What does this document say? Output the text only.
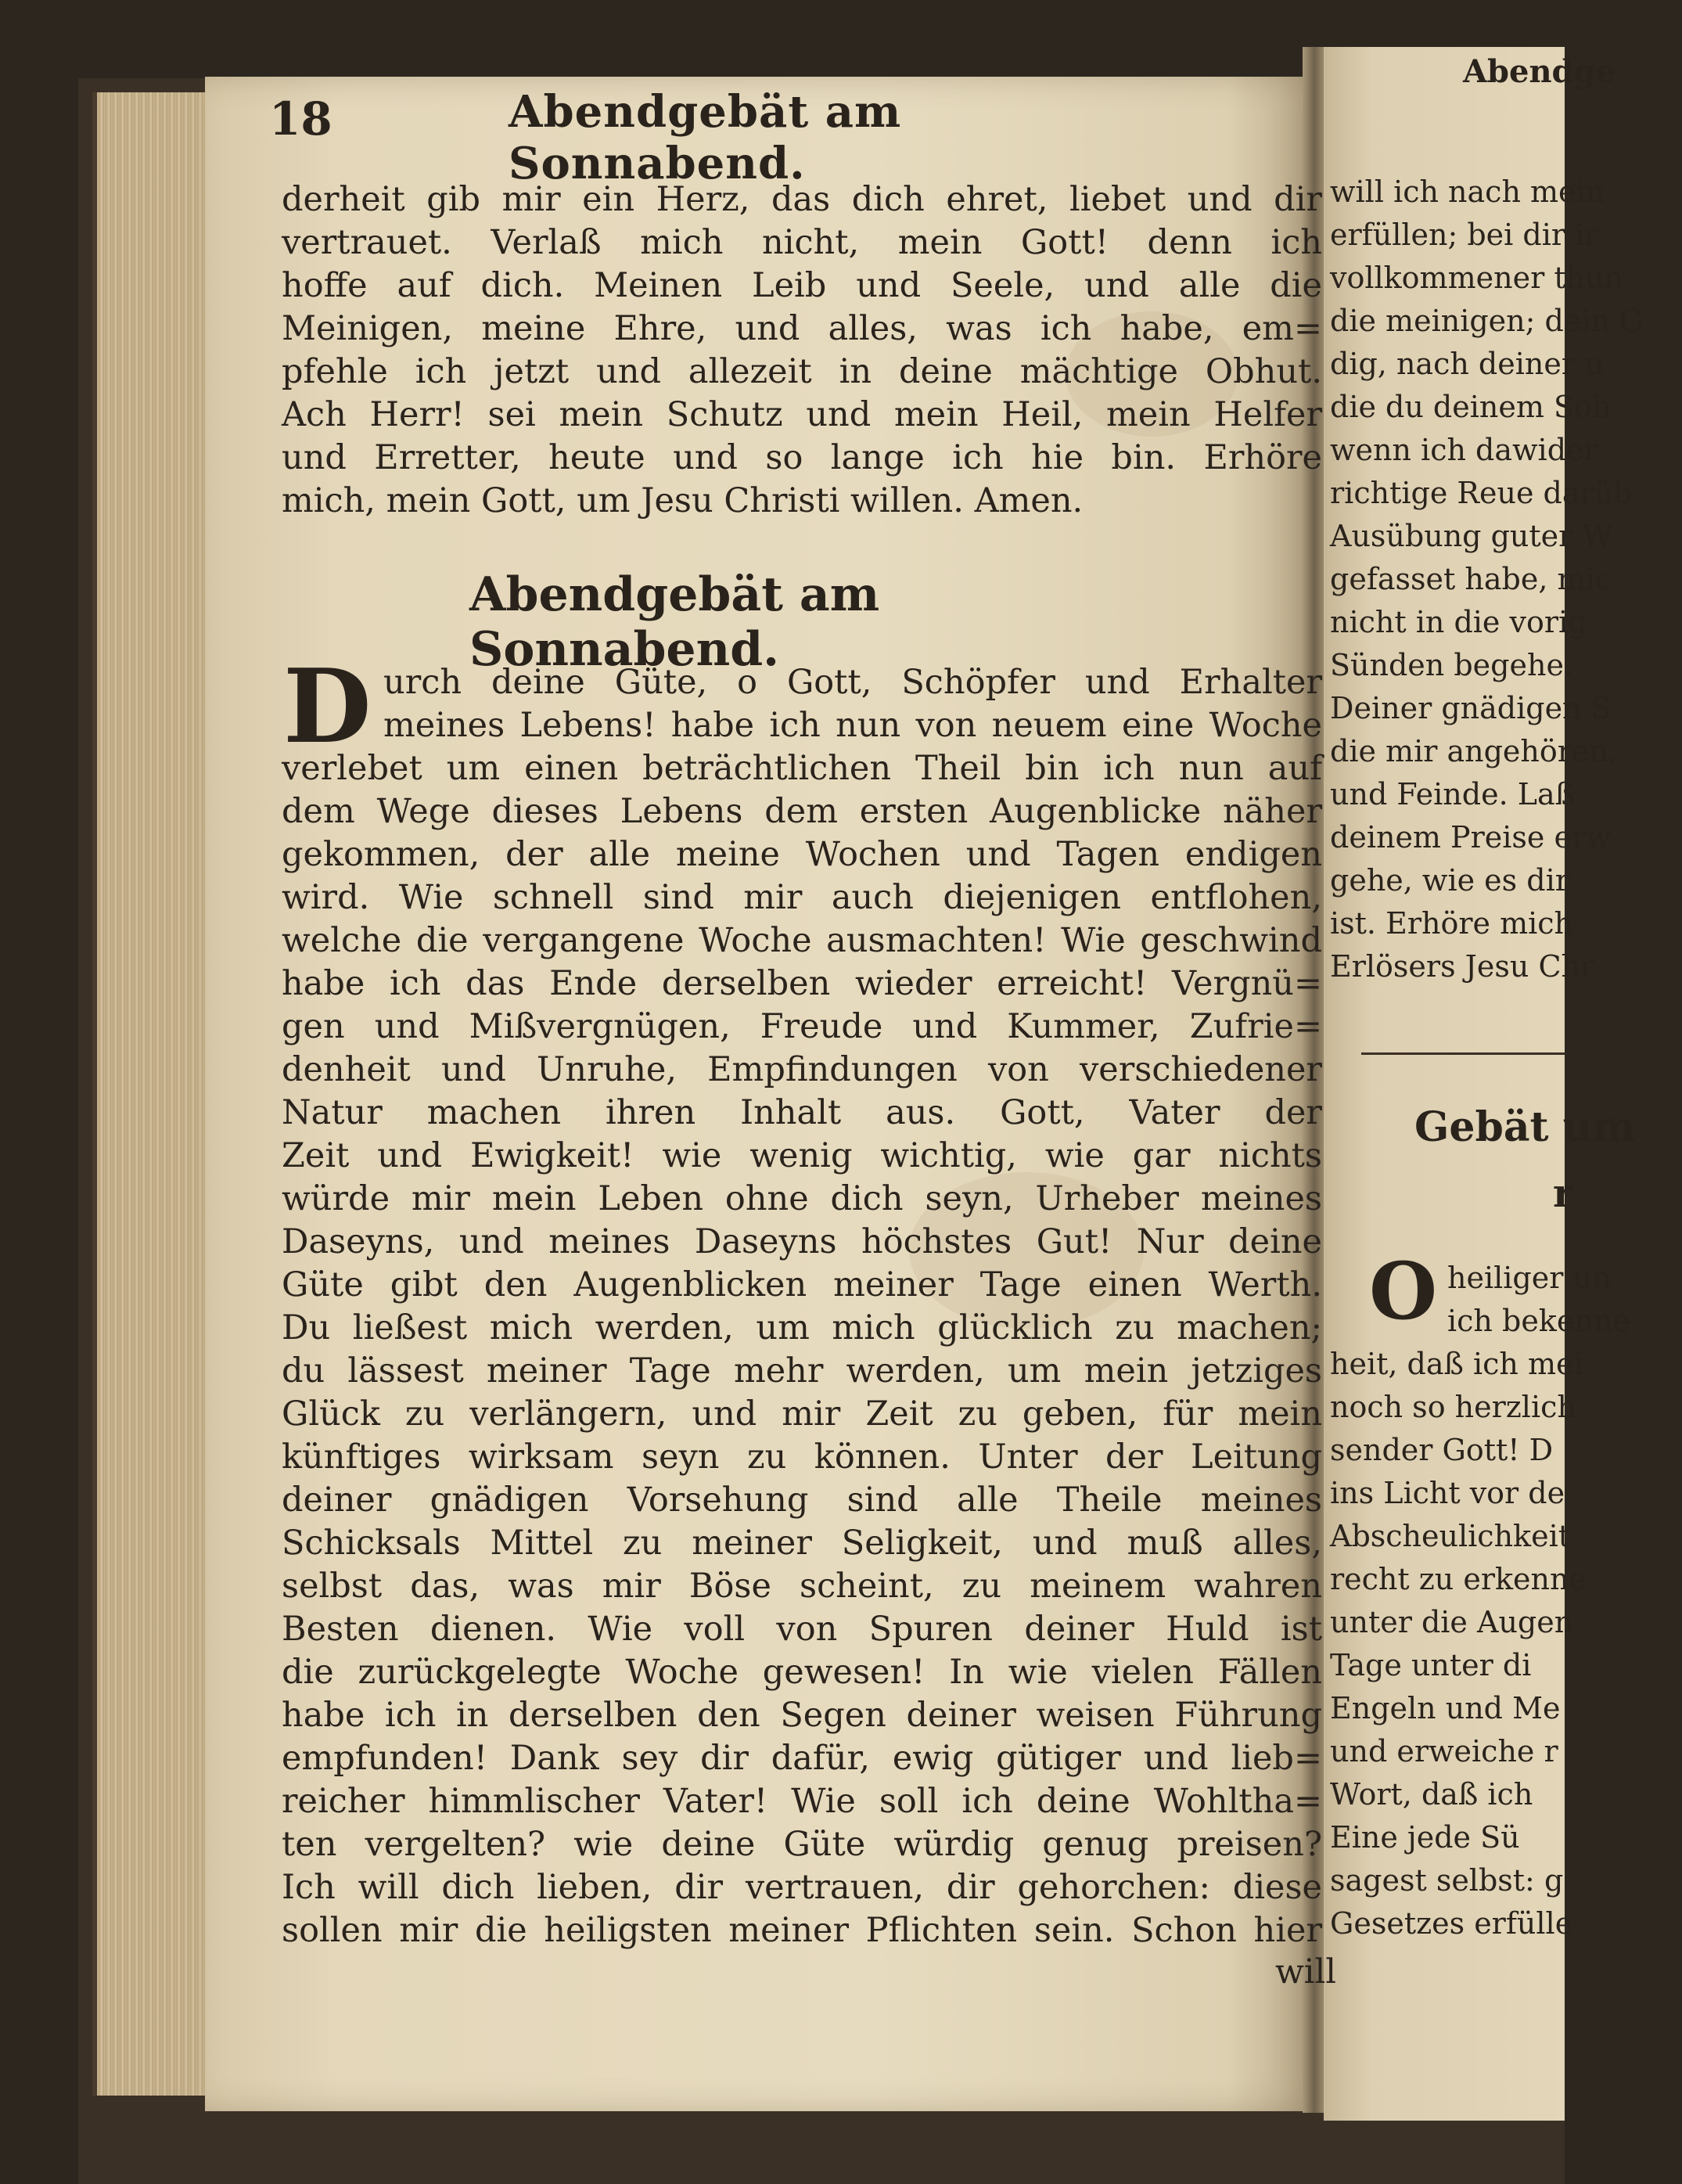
18	Abendgebät am Sonnabend.
derheit gib mir ein Herz, das dich ehret, liebet und dir
vertrauet. Verlaß mich nicht, mein Gott! denn ich
hoffe auf dich. Meinen Leib und Seele, und alle die
Meinigen, meine Ehre, und alles, was ich habe, em=
pfehle ich jetzt und allezeit in deine mächtige Obhut.
Ach Herr! sei mein Schutz und mein Heil, mein Helfer
und Erretter, heute und so lange ich hie bin. Erhöre
mich, mein Gott, um Jesu Christi willen. Amen.
Abendgebät am Sonnabend.
D urch deine Güte, o Gott, Schöpfer und Erhalter
meines Lebens! habe ich nun von neuem eine Woche
verlebet um einen beträchtlichen Theil bin ich nun auf
dem Wege dieses Lebens dem ersten Augenblicke näher
gekommen, der alle meine Wochen und Tagen endigen
wird. Wie schnell sind mir auch diejenigen entflohen,
welche die vergangene Woche ausmachten! Wie geschwind
habe ich das Ende derselben wieder erreicht! Vergnü=
gen und Mißvergnügen, Freude und Kummer, Zufrie=
denheit und Unruhe, Empfindungen von verschiedener
Natur machen ihren Inhalt aus. Gott, Vater der
Zeit und Ewigkeit! wie wenig wichtig, wie gar nichts
würde mir mein Leben ohne dich seyn, Urheber meines
Daseyns, und meines Daseyns höchstes Gut! Nur deine
Güte gibt den Augenblicken meiner Tage einen Werth.
Du ließest mich werden, um mich glücklich zu machen;
du lässest meiner Tage mehr werden, um mein jetziges
Glück zu verlängern, und mir Zeit zu geben, für mein
künftiges wirksam seyn zu können. Unter der Leitung
deiner gnädigen Vorsehung sind alle Theile meines
Schicksals Mittel zu meiner Seligkeit, und muß alles,
selbst das, was mir Böse scheint, zu meinem wahren
Besten dienen. Wie voll von Spuren deiner Huld ist
die zurückgelegte Woche gewesen! In wie vielen Fällen
habe ich in derselben den Segen deiner weisen Führung
empfunden! Dank sey dir dafür, ewig gütiger und lieb=
reicher himmlischer Vater! Wie soll ich deine Wohltha=
ten vergelten? wie deine Güte würdig genug preisen?
Ich will dich lieben, dir vertrauen, dir gehorchen: diese
sollen mir die heiligsten meiner Pflichten sein. Schon hier
will
Abendge
will ich nach mein
erfüllen; bei dir ir
vollkommener thun
die meinigen; dein G
dig, nach deiner u
die du deinem Soh
wenn ich dawider
richtige Reue darüb
Ausübung guter W
gefasset habe, mic
nicht in die vorig
Sünden begehe.
Deiner gnädigen S
die mir angehören,
und Feinde. Laß
deinem Preise erw
gehe, wie es dir
ist. Erhöre mich
Erlösers Jesu Chr
Gebät um
r
O heiliger un
ich bekenne
heit, daß ich mei
noch so herzlich
sender Gott! D
ins Licht vor de
Abscheulichkeit
recht zu erkenne
unter die Augen
Tage unter di
Engeln und Me
und erweiche r
Wort, daß ich
Eine jede Sü
sagest selbst: g
Gesetzes erfülle
